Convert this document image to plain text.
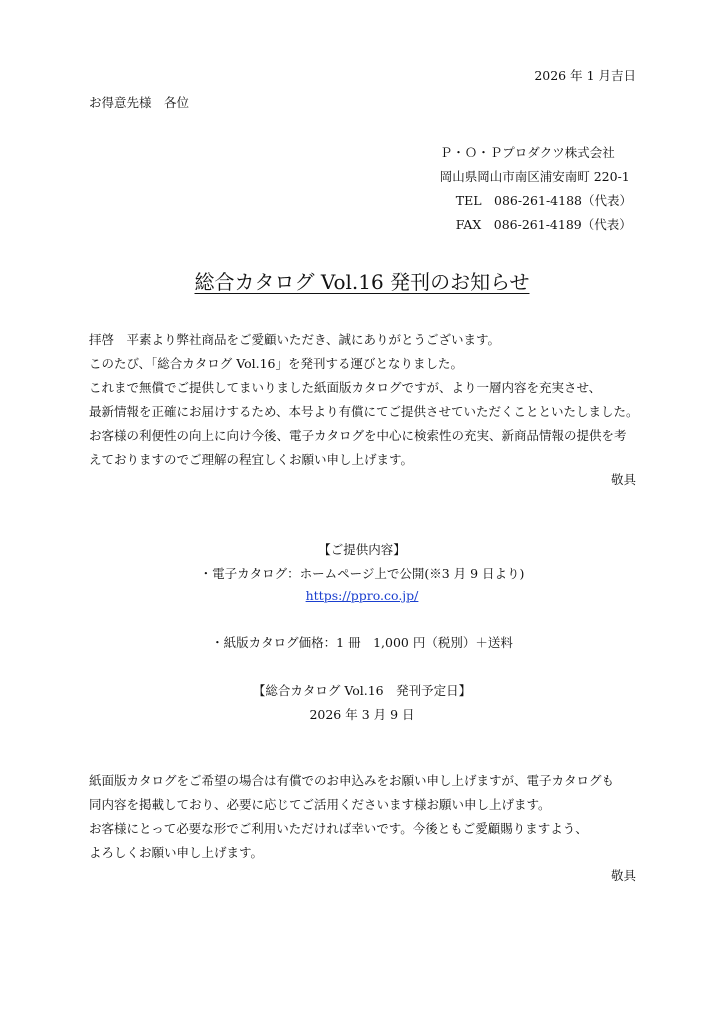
2026 年 1 月吉日
お得意先様　各位
Ｐ・Ｏ・Ｐプロダクツ株式会社
岡山県岡山市南区浦安南町 220-1
TEL　086-261-4188（代表）
FAX　086-261-4189（代表）
総合カタログ Vol.16 発刊のお知らせ
拝啓　平素より弊社商品をご愛顧いただき、誠にありがとうございます。
このたび、「総合カタログ Vol.16」を発刊する運びとなりました。
これまで無償でご提供してまいりました紙面版カタログですが、より一層内容を充実させ、
最新情報を正確にお届けするため、本号より有償にてご提供させていただくことといたしました。
お客様の利便性の向上に向け今後、電子カタログを中心に検索性の充実、新商品情報の提供を考
えておりますのでご理解の程宜しくお願い申し上げます。
敬具
【ご提供内容】
・電子カタログ：ホームページ上で公開(※3 月 9 日より)
https://ppro.co.jp/
・紙版カタログ価格：1 冊　1,000 円（税別）＋送料
【総合カタログ Vol.16　発刊予定日】
2026 年 3 月 9 日
紙面版カタログをご希望の場合は有償でのお申込みをお願い申し上げますが、電子カタログも
同内容を掲載しており、必要に応じてご活用くださいます様お願い申し上げます。
お客様にとって必要な形でご利用いただければ幸いです。今後ともご愛顧賜りますよう、
よろしくお願い申し上げます。
敬具
